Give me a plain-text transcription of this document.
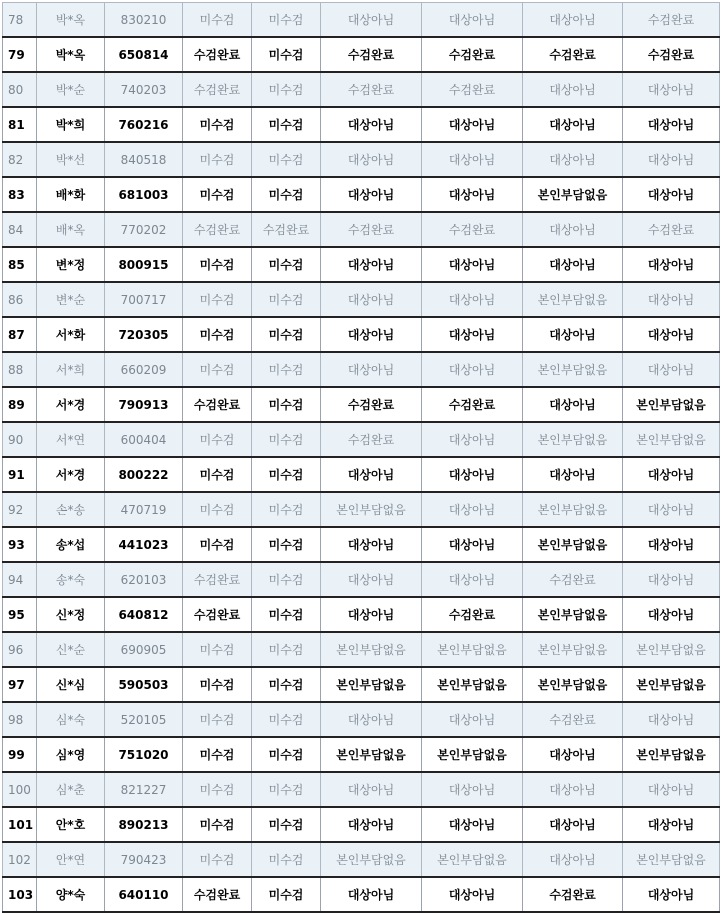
78	박*옥	830210	미수검	미수검	대상아님	대상아님	대상아님	수검완료
79	박*옥	650814	수검완료	미수검	수검완료	수검완료	수검완료	수검완료
80	박*순	740203	수검완료	미수검	수검완료	수검완료	대상아님	대상아님
81	박*희	760216	미수검	미수검	대상아님	대상아님	대상아님	대상아님
82	박*선	840518	미수검	미수검	대상아님	대상아님	대상아님	대상아님
83	배*화	681003	미수검	미수검	대상아님	대상아님	본인부담없음	대상아님
84	배*옥	770202	수검완료	수검완료	수검완료	수검완료	대상아님	수검완료
85	변*정	800915	미수검	미수검	대상아님	대상아님	대상아님	대상아님
86	변*순	700717	미수검	미수검	대상아님	대상아님	본인부담없음	대상아님
87	서*화	720305	미수검	미수검	대상아님	대상아님	대상아님	대상아님
88	서*희	660209	미수검	미수검	대상아님	대상아님	본인부담없음	대상아님
89	서*경	790913	수검완료	미수검	수검완료	수검완료	대상아님	본인부담없음
90	서*연	600404	미수검	미수검	수검완료	대상아님	본인부담없음	본인부담없음
91	서*경	800222	미수검	미수검	대상아님	대상아님	대상아님	대상아님
92	손*송	470719	미수검	미수검	본인부담없음	대상아님	본인부담없음	대상아님
93	송*섭	441023	미수검	미수검	대상아님	대상아님	본인부담없음	대상아님
94	송*숙	620103	수검완료	미수검	대상아님	대상아님	수검완료	대상아님
95	신*정	640812	수검완료	미수검	대상아님	수검완료	본인부담없음	대상아님
96	신*순	690905	미수검	미수검	본인부담없음	본인부담없음	본인부담없음	본인부담없음
97	신*심	590503	미수검	미수검	본인부담없음	본인부담없음	본인부담없음	본인부담없음
98	심*숙	520105	미수검	미수검	대상아님	대상아님	수검완료	대상아님
99	심*영	751020	미수검	미수검	본인부담없음	본인부담없음	대상아님	본인부담없음
100	심*춘	821227	미수검	미수검	대상아님	대상아님	대상아님	대상아님
101	안*호	890213	미수검	미수검	대상아님	대상아님	대상아님	대상아님
102	안*연	790423	미수검	미수검	본인부담없음	본인부담없음	대상아님	본인부담없음
103	양*숙	640110	수검완료	미수검	대상아님	대상아님	수검완료	대상아님
